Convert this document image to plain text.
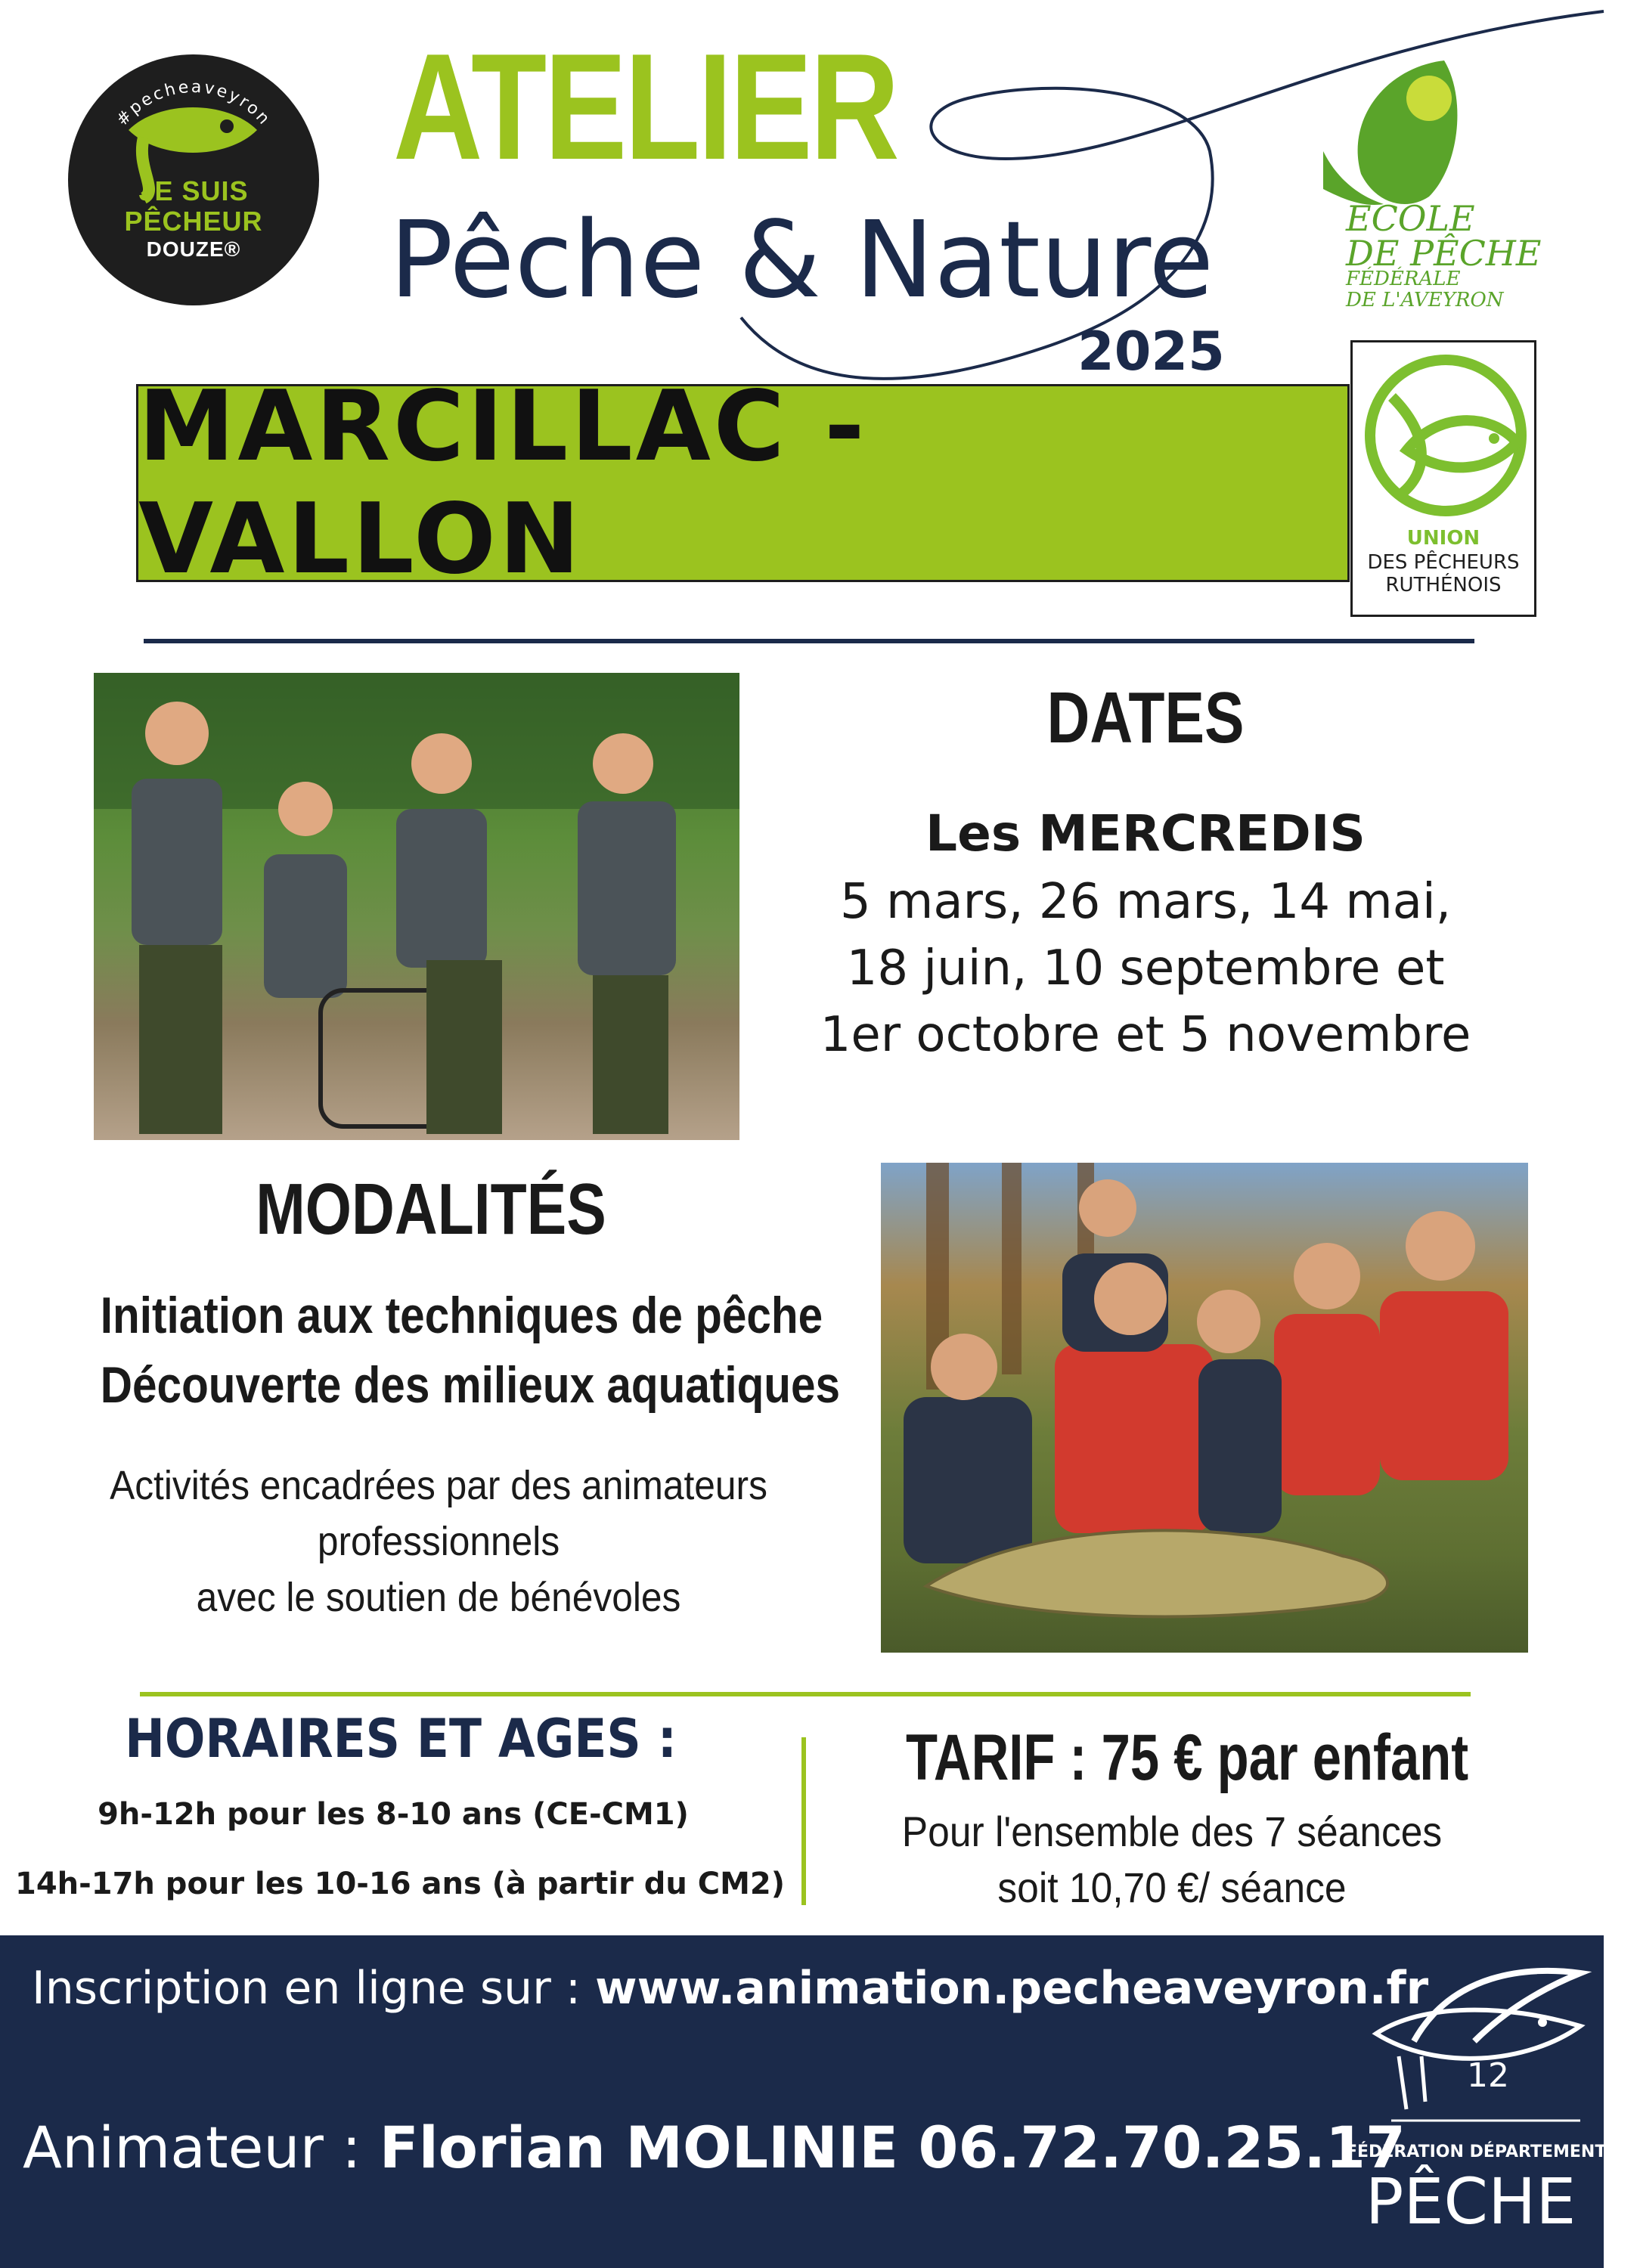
#pecheaveyron
JE SUIS
PÊCHEUR
DOUZE®
ATELIER
Pêche & Nature
2025
ÉCOLE
DE PÊCHE
FÉDÉRALE
DE L'AVEYRON
MARCILLAC - VALLON	UNION
DES PÊCHEURS
RUTHÉNOIS
DATES
Les MERCREDIS
5 mars, 26 mars, 14 mai,
18 juin, 10 septembre et
1er octobre et 5 novembre
MODALITÉS
Initiation aux techniques de pêche
Découverte des milieux aquatiques
Activités encadrées par des animateurs
professionnels
avec le soutien de bénévoles
HORAIRES ET AGES :
9h-12h pour les 8-10 ans (CE-CM1)
14h-17h pour les 10-16 ans (à partir du CM2)
TARIF : 75 € par enfant
Pour l'ensemble des 7 séances
soit 10,70 €/ séance
Inscription en ligne sur : www.animation.pecheaveyron.fr
Animateur : Florian MOLINIE 06.72.70.25.17
12
FÉDÉRATION DÉPARTEMENTALE
PÊCHE
